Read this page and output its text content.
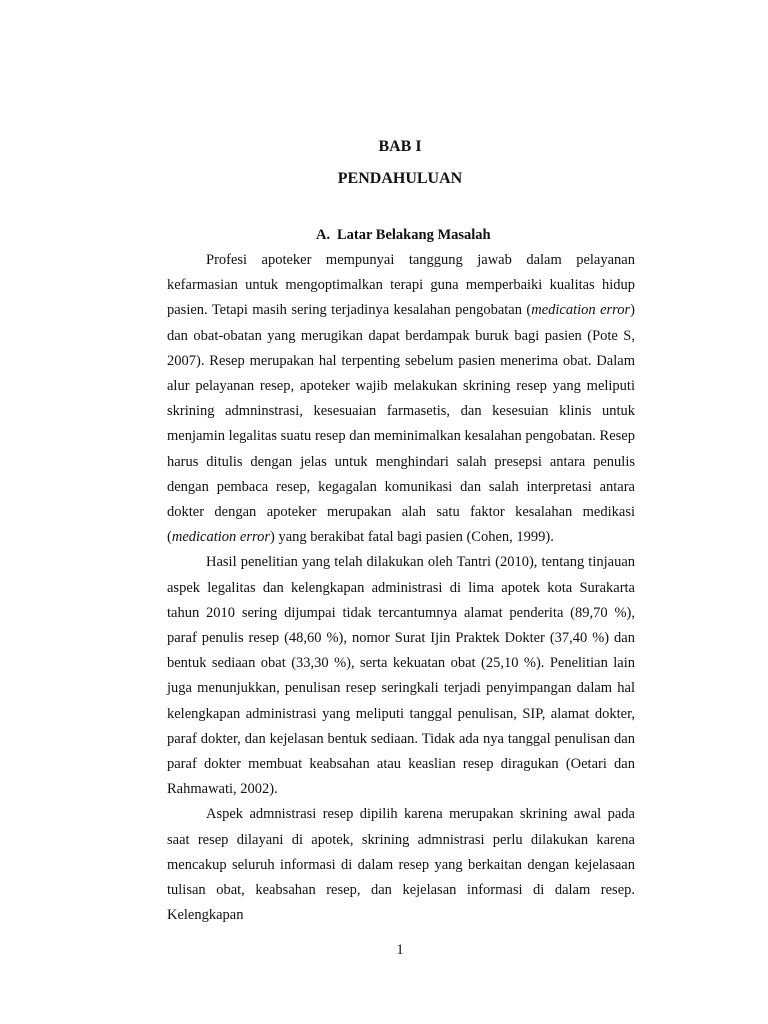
BAB I
PENDAHULUAN
A. Latar Belakang Masalah

Profesi apoteker mempunyai tanggung jawab dalam pelayanan kefarmasian untuk mengoptimalkan terapi guna memperbaiki kualitas hidup pasien. Tetapi masih sering terjadinya kesalahan pengobatan (medication error) dan obat-obatan yang merugikan dapat berdampak buruk bagi pasien (Pote S, 2007). Resep merupakan hal terpenting sebelum pasien menerima obat. Dalam alur pelayanan resep, apoteker wajib melakukan skrining resep yang meliputi skrining admninstrasi, kesesuaian farmasetis, dan kesesuian klinis untuk menjamin legalitas suatu resep dan meminimalkan kesalahan pengobatan. Resep harus ditulis dengan jelas untuk menghindari salah presepsi antara penulis dengan pembaca resep, kegagalan komunikasi dan salah interpretasi antara dokter dengan apoteker merupakan alah satu faktor kesalahan medikasi (medication error) yang berakibat fatal bagi pasien (Cohen, 1999).

Hasil penelitian yang telah dilakukan oleh Tantri (2010), tentang tinjauan aspek legalitas dan kelengkapan administrasi di lima apotek kota Surakarta tahun 2010 sering dijumpai tidak tercantumnya alamat penderita (89,70 %), paraf penulis resep (48,60 %), nomor Surat Ijin Praktek Dokter (37,40 %) dan bentuk sediaan obat (33,30 %), serta kekuatan obat (25,10 %). Penelitian lain juga menunjukkan, penulisan resep seringkali terjadi penyimpangan dalam hal kelengkapan administrasi yang meliputi tanggal penulisan, SIP, alamat dokter, paraf dokter, dan kejelasan bentuk sediaan. Tidak ada nya tanggal penulisan dan paraf dokter membuat keabsahan atau keaslian resep diragukan (Oetari dan Rahmawati, 2002).

Aspek admnistrasi resep dipilih karena merupakan skrining awal pada saat resep dilayani di apotek, skrining admnistrasi perlu dilakukan karena mencakup seluruh informasi di dalam resep yang berkaitan dengan kejelasaan tulisan obat, keabsahan resep, dan kejelasan informasi di dalam resep. Kelengkapan

1
